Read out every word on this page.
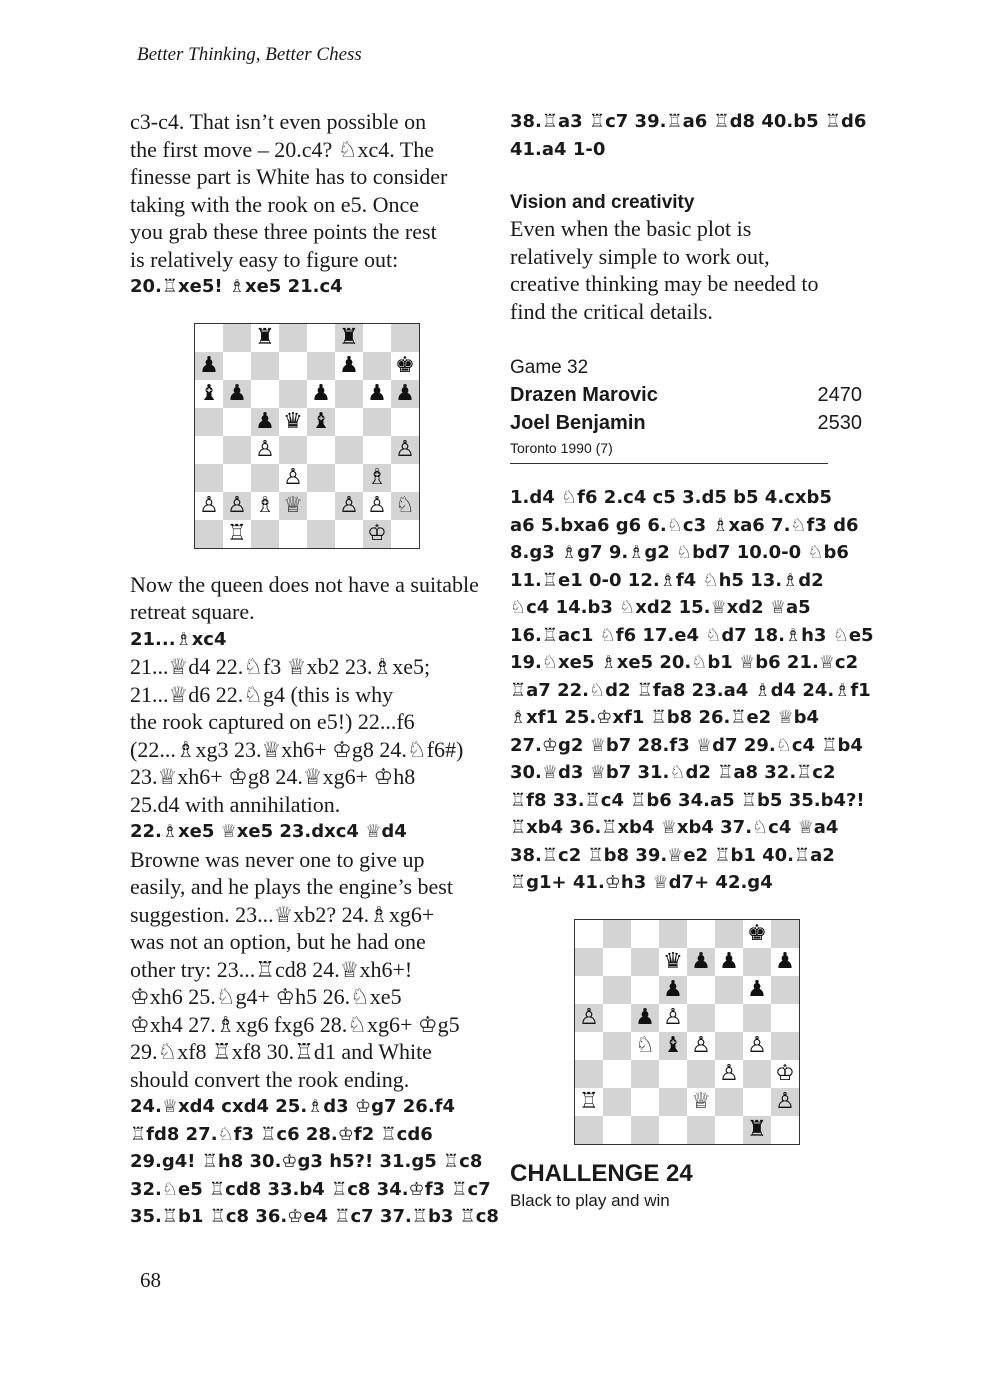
Better Thinking, Better Chess
c3-c4. That isn’t even possible on
the first move – 20.c4? ♘xc4. The
finesse part is White has to consider
taking with the rook on e5. Once
you grab these three points the rest
is relatively easy to figure out:
20.♖xe5! ♗xe5 21.c4
♜	♜
♟	♟ ♚
♝ ♟	♟ ♟ ♟
♟ ♛ ♝
♙	♙
♙	♗
♙ ♙ ♗ ♕ ♙ ♙ ♘
♖	♔

Now the queen does not have a suitable retreat square.

21...♗xc4
21...♕d4 22.♘f3 ♕xb2 23.♗xe5;
21...♕d6 22.♘g4 (this is why
the rook captured on e5!) 22...f6
(22...♗xg3 23.♕xh6+ ♔g8 24.♘f6#)
23.♕xh6+ ♔g8 24.♕xg6+ ♔h8
25.d4 with annihilation.
22.♗xe5 ♕xe5 23.dxc4 ♕d4
Browne was never one to give up
easily, and he plays the engine’s best
suggestion. 23...♕xb2? 24.♗xg6+
was not an option, but he had one
other try: 23...♖cd8 24.♕xh6+!
♔xh6 25.♘g4+ ♔h5 26.♘xe5
♔xh4 27.♗xg6 fxg6 28.♘xg6+ ♔g5
29.♘xf8 ♖xf8 30.♖d1 and White
should convert the rook ending.
24.♕xd4 cxd4 25.♗d3 ♔g7 26.f4
♖fd8 27.♘f3 ♖c6 28.♔f2 ♖cd6
29.g4! ♖h8 30.♔g3 h5?! 31.g5 ♖c8
32.♘e5 ♖cd8 33.b4 ♖c8 34.♔f3 ♖c7
35.♖b1 ♖c8 36.♔e4 ♖c7 37.♖b3 ♖c8
38.♖a3 ♖c7 39.♖a6 ♖d8 40.b5 ♖d6
41.a4 1-0
Vision and creativity
Even when the basic plot is
relatively simple to work out,
creative thinking may be needed to
find the critical details.
Game 32
Drazen Marovic	2470
Joel Benjamin	2530
Toronto 1990 (7)
1.d4 ♘f6 2.c4 c5 3.d5 b5 4.cxb5
a6 5.bxa6 g6 6.♘c3 ♗xa6 7.♘f3 d6
8.g3 ♗g7 9.♗g2 ♘bd7 10.0-0 ♘b6
11.♖e1 0-0 12.♗f4 ♘h5 13.♗d2
♘c4 14.b3 ♘xd2 15.♕xd2 ♕a5
16.♖ac1 ♘f6 17.e4 ♘d7 18.♗h3 ♘e5
19.♘xe5 ♗xe5 20.♘b1 ♕b6 21.♕c2
♖a7 22.♘d2 ♖fa8 23.a4 ♗d4 24.♗f1
♗xf1 25.♔xf1 ♖b8 26.♖e2 ♕b4
27.♔g2 ♕b7 28.f3 ♕d7 29.♘c4 ♖b4
30.♕d3 ♕b7 31.♘d2 ♖a8 32.♖c2
♖f8 33.♖c4 ♖b6 34.a5 ♖b5 35.b4?!
♖xb4 36.♖xb4 ♕xb4 37.♘c4 ♕a4
38.♖c2 ♖b8 39.♕e2 ♖b1 40.♖a2
♖g1+ 41.♔h3 ♕d7+ 42.g4
♚
♛ ♟ ♟ ♟
♟	♟
♙ ♟ ♙
♘ ♝ ♙ ♙
♙ ♔
♖	♕	♙
♜
CHALLENGE 24
Black to play and win
68
